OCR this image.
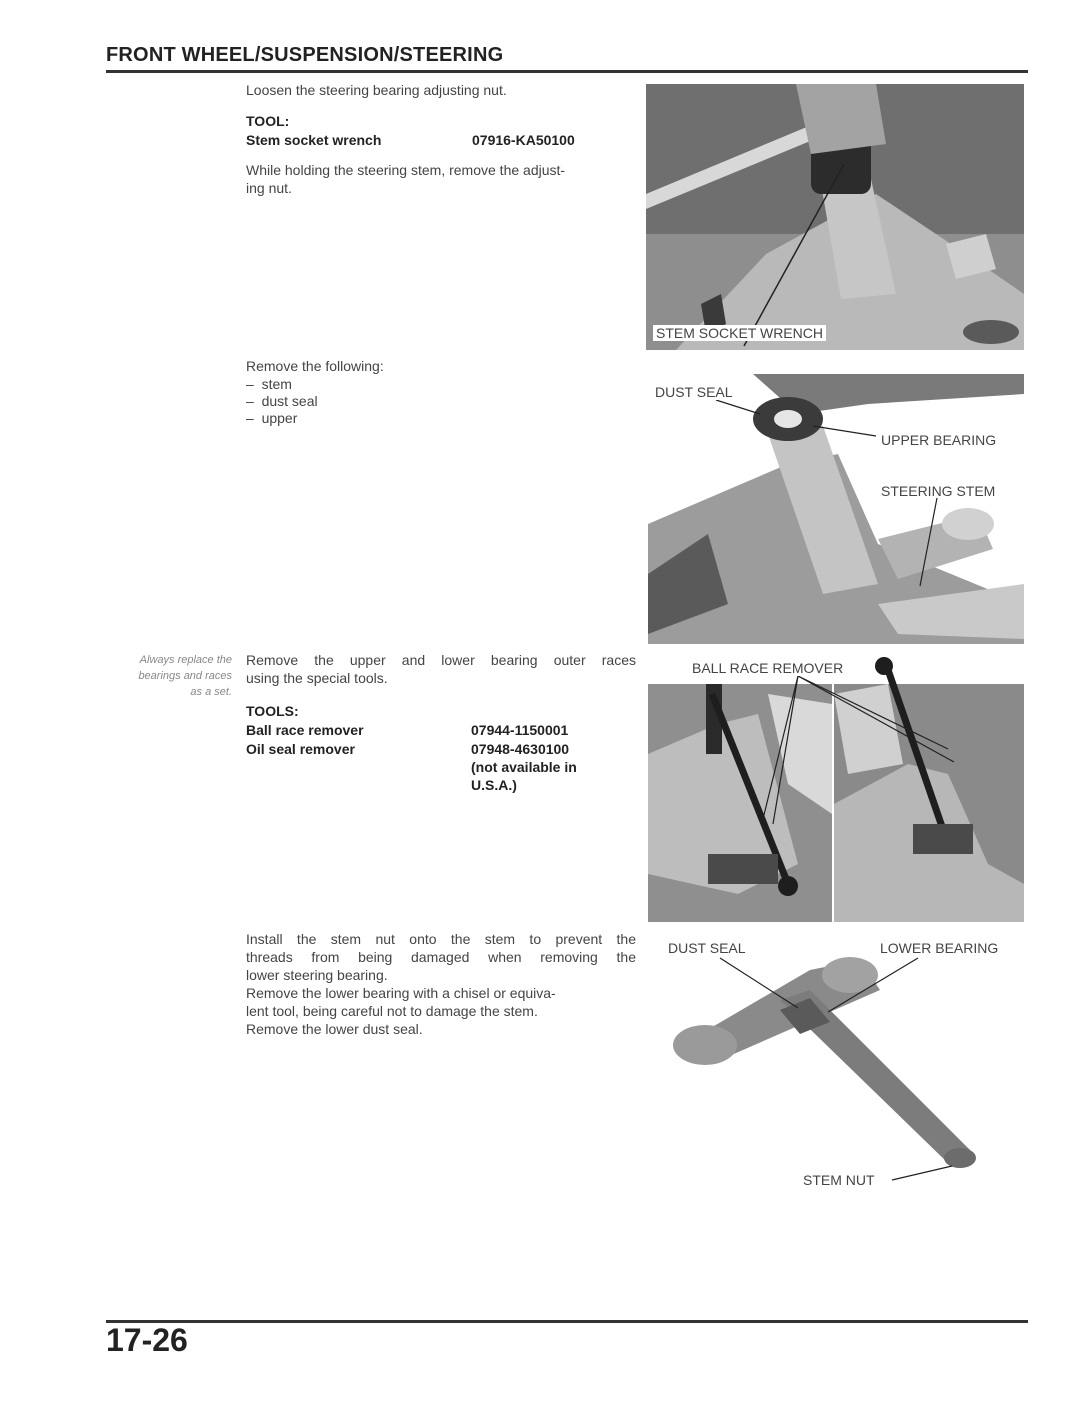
FRONT WHEEL/SUSPENSION/STEERING
Loosen the steering bearing adjusting nut.
TOOL:
Stem socket wrench	07916-KA50100
While holding the steering stem, remove the adjust-
ing nut.
STEM SOCKET WRENCH
Remove the following:
–  stem
–  dust seal
–  upper
DUST SEAL
UPPER BEARING
STEERING STEM
Always replace the
bearings and races
as a set.
Remove the upper and lower bearing outer races
using the special tools.
TOOLS:
Ball race remover	07944-1150001
Oil seal remover	07948-4630100
(not available in
U.S.A.)
BALL RACE REMOVER
Install the stem nut onto the stem to prevent the
threads from being damaged when removing the
lower steering bearing.
Remove the lower bearing with a chisel or equiva-
lent tool, being careful not to damage the stem.
Remove the lower dust seal.
DUST SEAL	LOWER BEARING
STEM NUT
17-26
